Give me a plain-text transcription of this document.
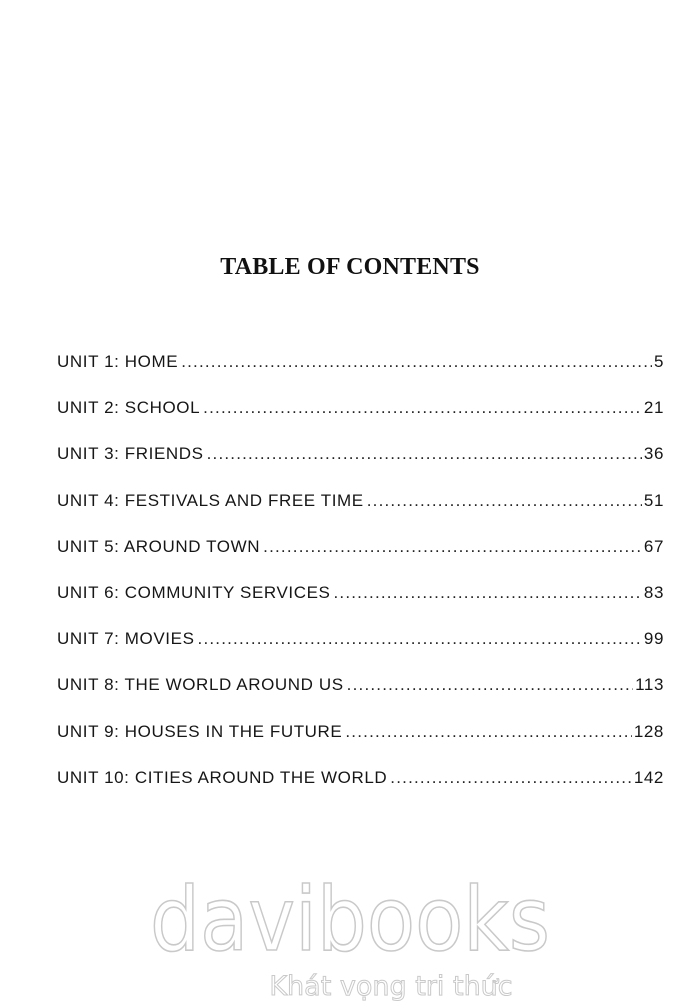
TABLE OF CONTENTS
UNIT 1: HOME .....	5
UNIT 2: SCHOOL .....	21
UNIT 3: FRIENDS .....	36
UNIT 4: FESTIVALS AND FREE TIME .....	51
UNIT 5: AROUND TOWN .....	67
UNIT 6: COMMUNITY SERVICES .....	83
UNIT 7: MOVIES .....	99
UNIT 8: THE WORLD AROUND US .....	113
UNIT 9: HOUSES IN THE FUTURE .....	128
UNIT 10: CITIES AROUND THE WORLD .....	142
davibooks
Khát vọng tri thức
